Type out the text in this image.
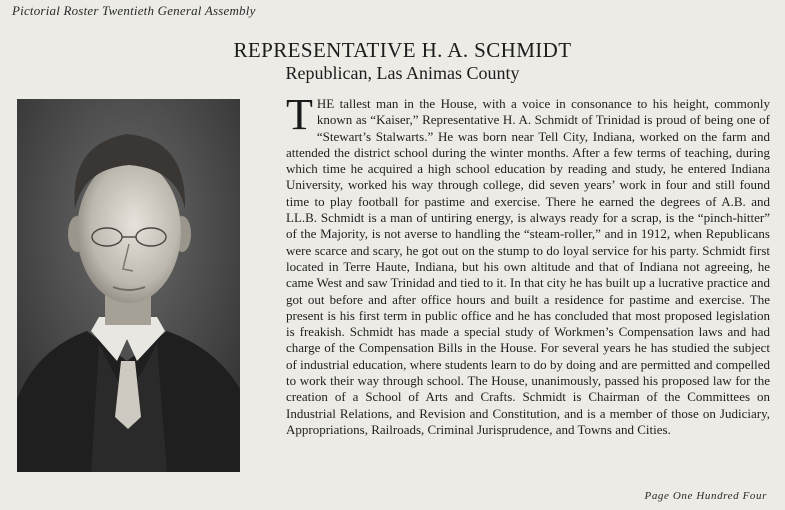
Pictorial Roster Twentieth General Assembly
REPRESENTATIVE H. A. SCHMIDT
Republican, Las Animas County
THE tallest man in the House, with a voice in consonance to his height, commonly known as “Kaiser,” Representative H. A. Schmidt of Trinidad is proud of being one of “Stewart’s Stalwarts.” He was born near Tell City, Indiana, worked on the farm and attended the district school during the winter months. After a few terms of teaching, during which time he acquired a high school education by reading and study, he entered Indiana University, worked his way through college, did seven years’ work in four and still found time to play football for pastime and exercise. There he earned the degrees of A.B. and LL.B. Schmidt is a man of untiring energy, is always ready for a scrap, is the “pinch-hitter” of the Majority, is not averse to handling the “steam-roller,” and in 1912, when Republicans were scarce and scary, he got out on the stump to do loyal service for his party. Schmidt first located in Terre Haute, Indiana, but his own altitude and that of Indiana not agreeing, he came West and saw Trinidad and tied to it. In that city he has built up a lucrative practice and got out before and after office hours and built a residence for pastime and exercise. The present is his first term in public office and he has concluded that most proposed legislation is freakish. Schmidt has made a special study of Workmen’s Compensation laws and had charge of the Compensation Bills in the House. For several years he has studied the subject of industrial education, where students learn to do by doing and are permitted and compelled to work their way through school. The House, unanimously, passed his proposed law for the creation of a School of Arts and Crafts. Schmidt is Chairman of the Committees on Industrial Relations, and Revision and Constitution, and is a member of those on Judiciary, Appropriations, Railroads, Criminal Jurisprudence, and Towns and Cities.
Page One Hundred Four
